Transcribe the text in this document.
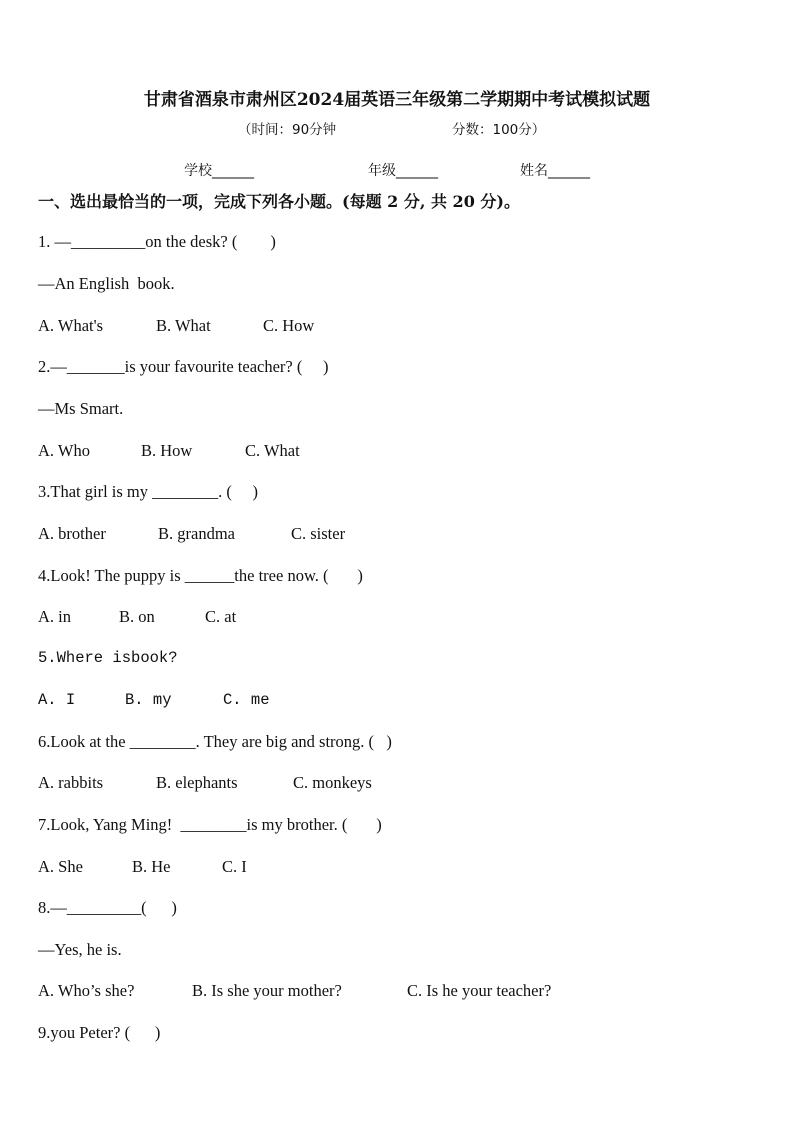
甘肃省酒泉市肃州区2024届英语三年级第二学期期中考试模拟试题
（时间：90分钟	分数：100分）
学校______	年级______	姓名______
一、选出最恰当的一项，完成下列各小题。(每题 2 分, 共 20 分)。
1. —_________on the desk? (        )
—An English  book.
A. What's	B. What	C. How
2.—_______is your favourite teacher? (     )
—Ms Smart.
A. Who	B. How	C. What
3.That girl is my ________. (     )
A. brother	B. grandma	C. sister
4.Look! The puppy is ______the tree now. (       )
A. in	B. on	C. at
5.Where isbook?
A. I	B. my	C. me
6.Look at the ________. They are big and strong. (   )
A. rabbits	B. elephants	C. monkeys
7.Look, Yang Ming!  ________is my brother. (       )
A. She	B. He	C. I
8.—_________(      )
—Yes, he is.
A. Who’s she?	B. Is she your mother?	C. Is he your teacher?
9.you Peter? (      )
